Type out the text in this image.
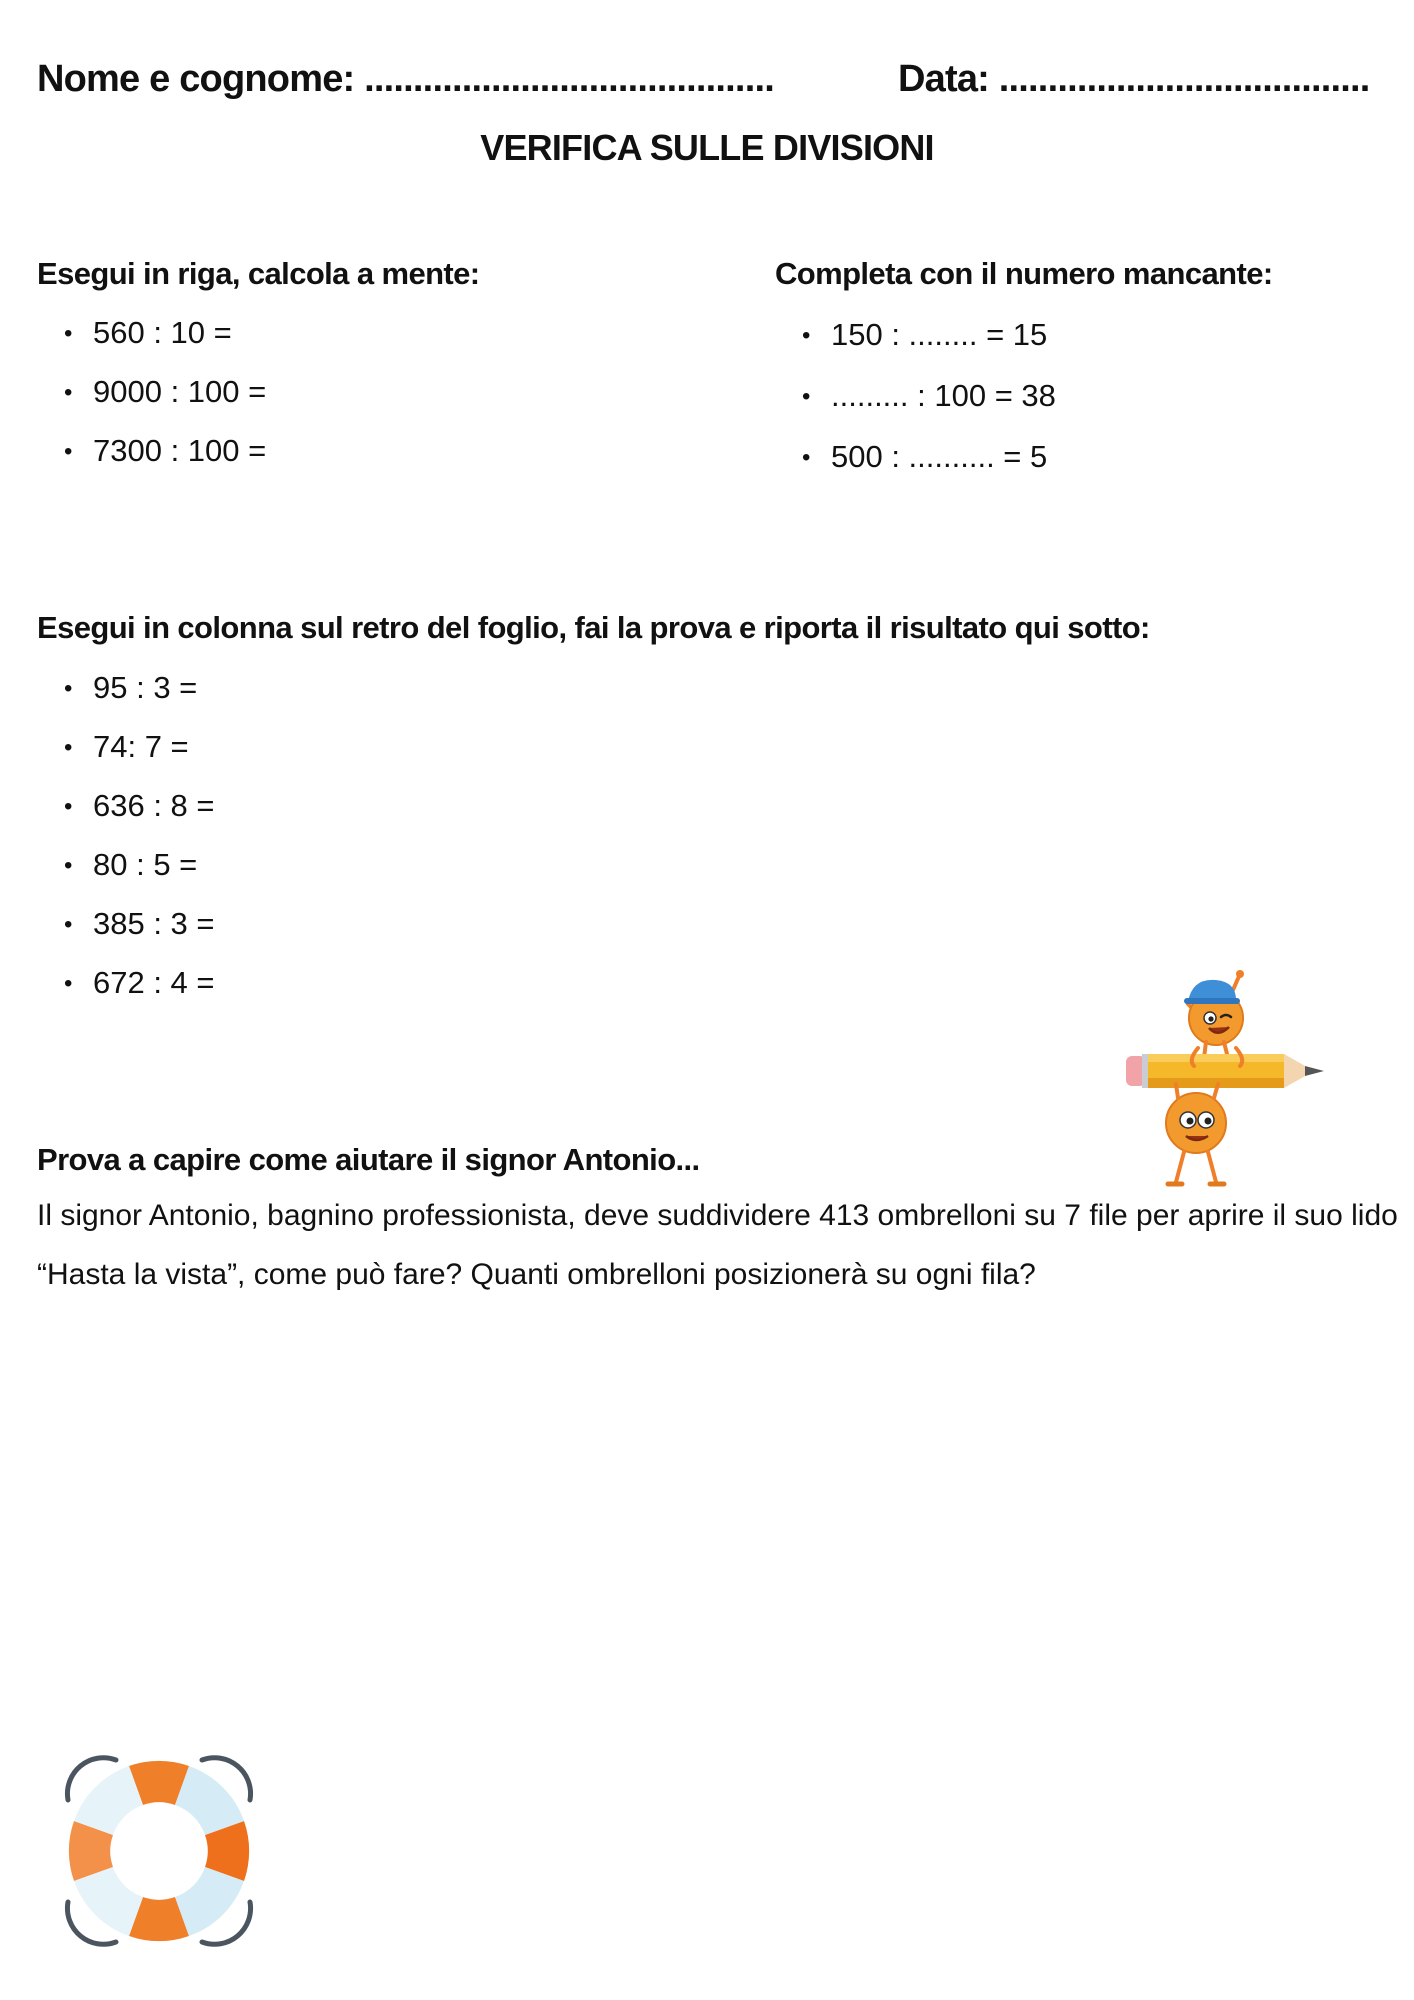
Nome e cognome: ..........................................	Data: ......................................
VERIFICA SULLE DIVISIONI
Esegui in riga, calcola a mente:
• 560 : 10 =
• 9000 : 100 =
• 7300 : 100 =
Completa con il numero mancante:
• 150 : ........ = 15
• ......... : 100 = 38
• 500 : .......... = 5
Esegui in colonna sul retro del foglio, fai la prova e riporta il risultato qui sotto:
• 95 : 3 =
• 74: 7 =
• 636 : 8 =
• 80 : 5 =
• 385 : 3 =
• 672 : 4 =
Prova a capire come aiutare il signor Antonio...

Il signor Antonio, bagnino professionista, deve suddividere 413 ombrelloni su 7 file per aprire il suo lido “Hasta la vista”, come può fare? Quanti ombrelloni posizionerà su ogni fila?
